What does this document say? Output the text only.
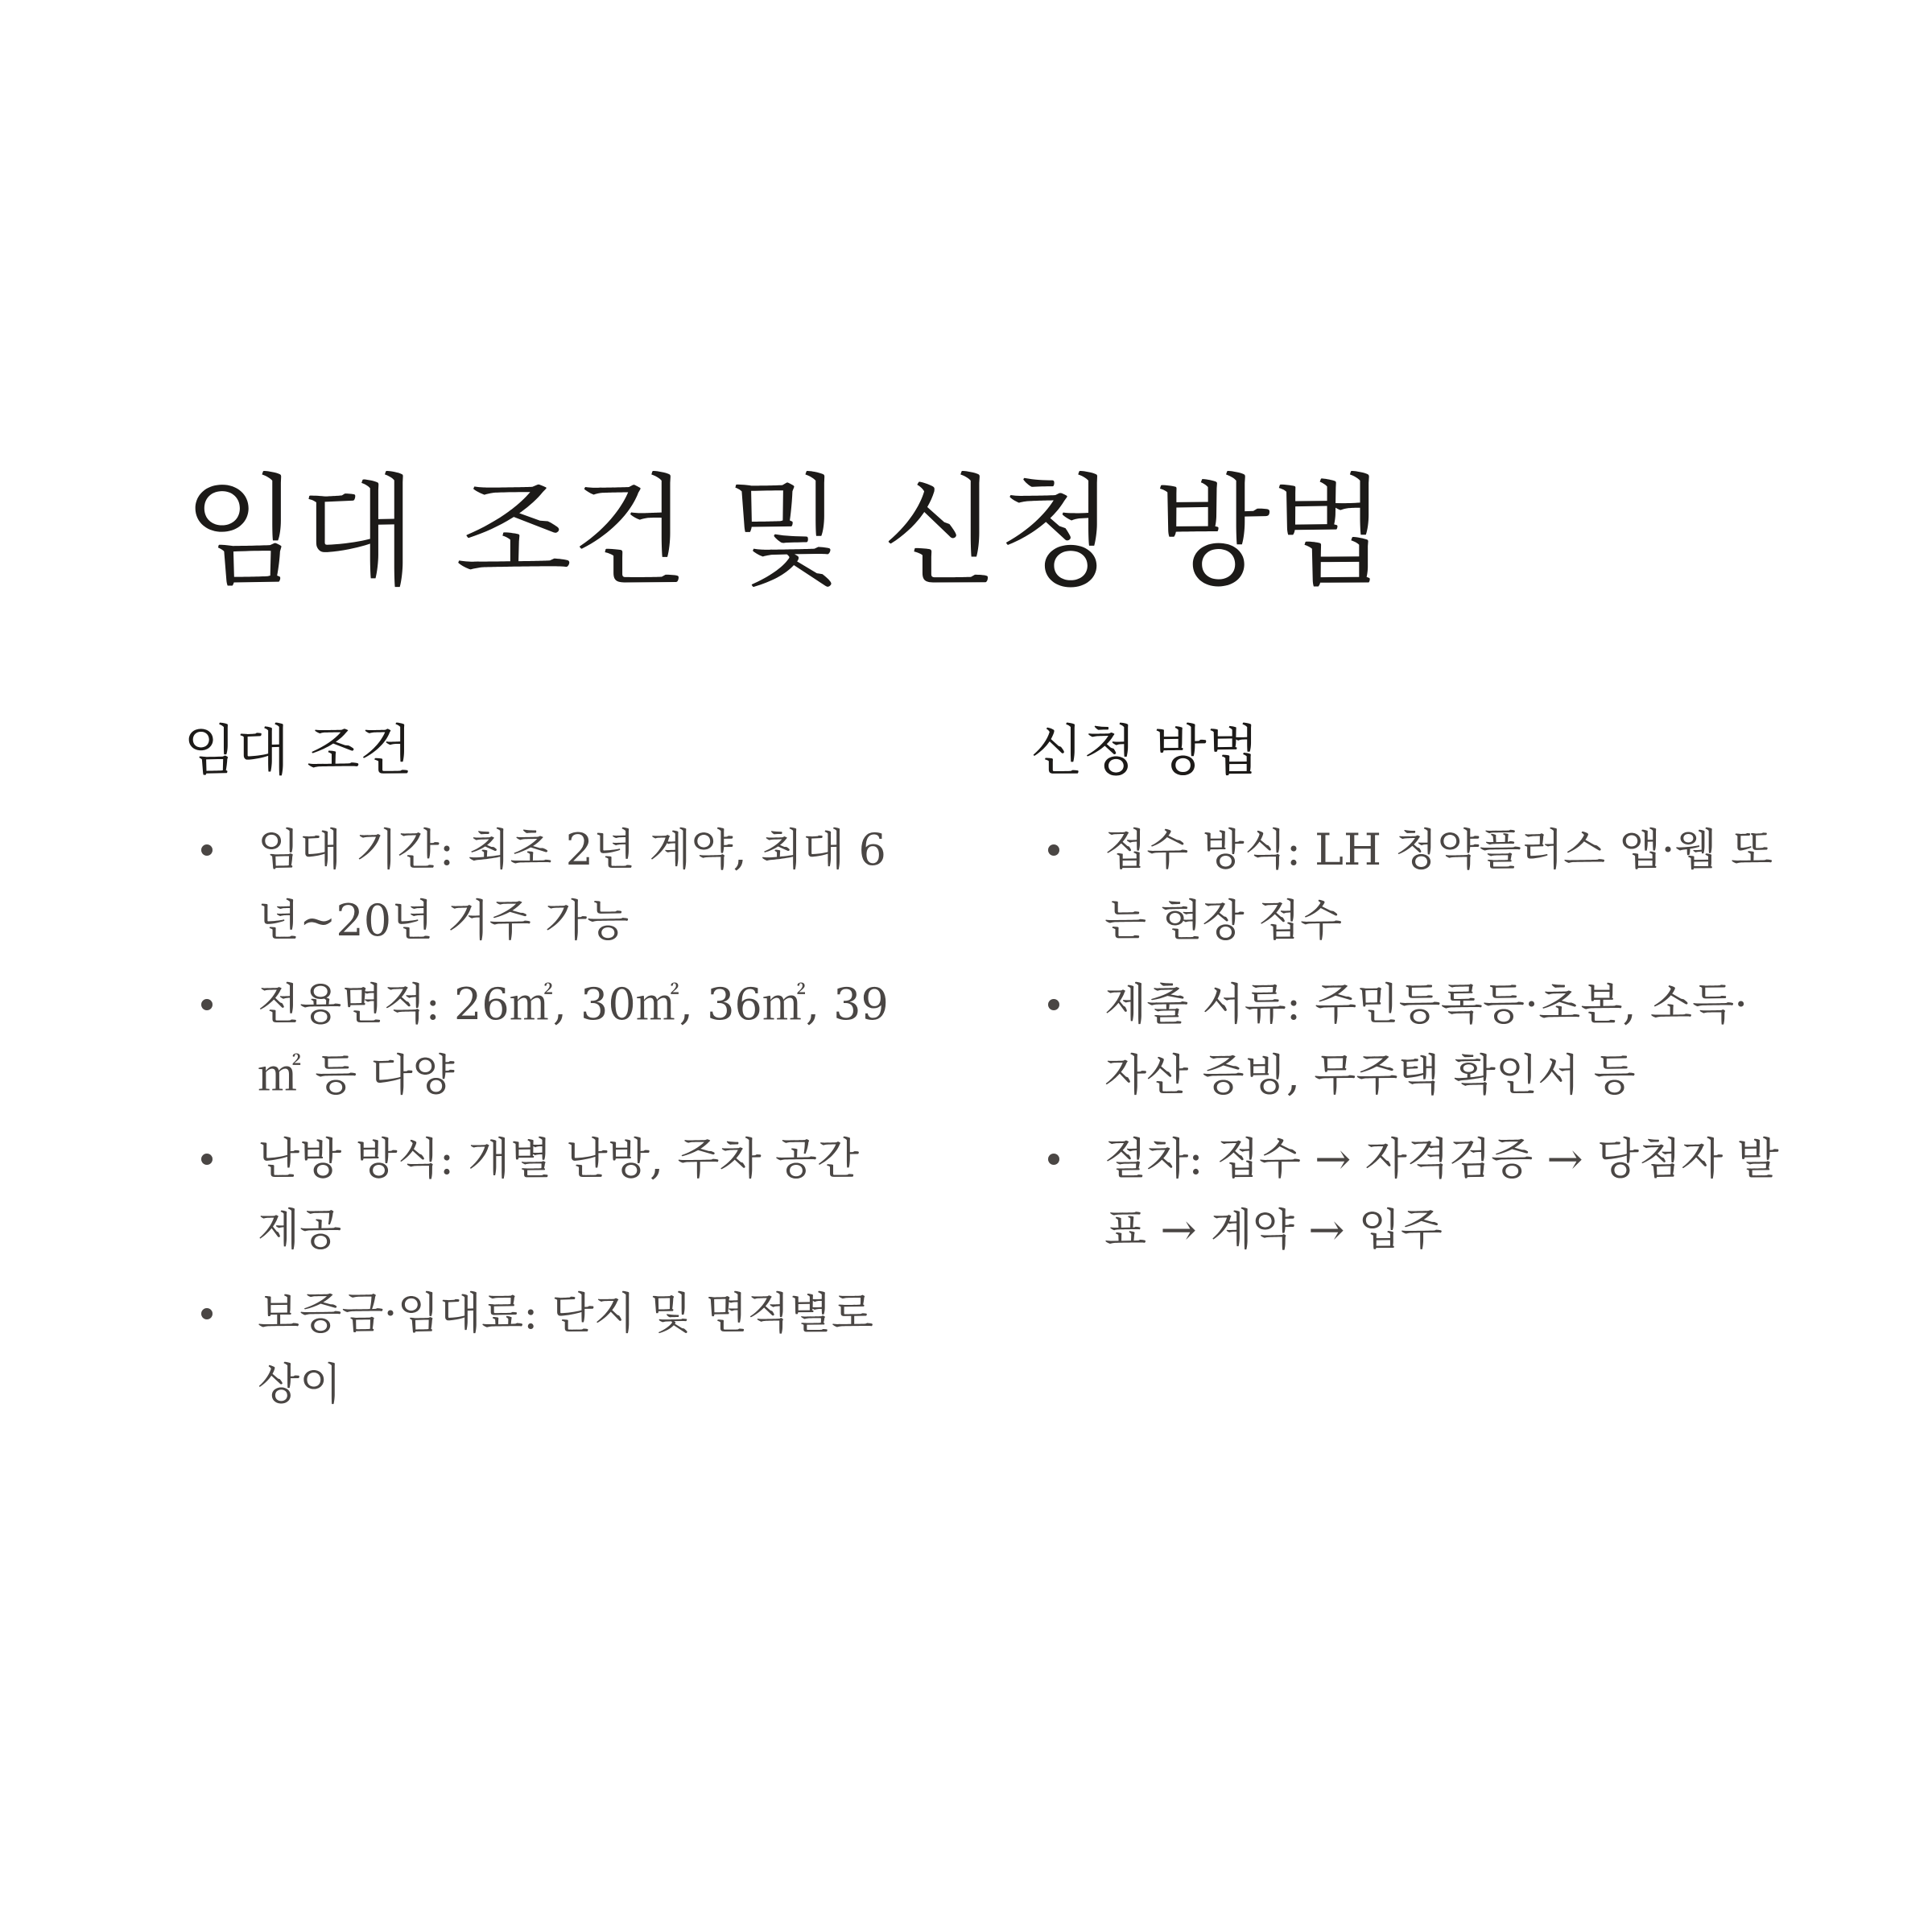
임대 조건 및 신청 방법
임대 조건
임대 기간: 최초 2년 계약, 최대 6년~20년 거주 가능
전용면적: 26㎡, 30㎡, 36㎡, 39㎡ 등 다양
난방 방식: 개별 난방, 주차 공간 제공
보증금·임대료: 단지 및 면적별로 상이
신청 방법
접수 방식: LH 청약플러스 앱·웹 또는 현장 접수
제출 서류: 주민등록등·초본, 소득·자산 증빙, 무주택 확인서 등
절차: 접수 → 자격검증 → 당첨자 발표 → 계약 → 입주
